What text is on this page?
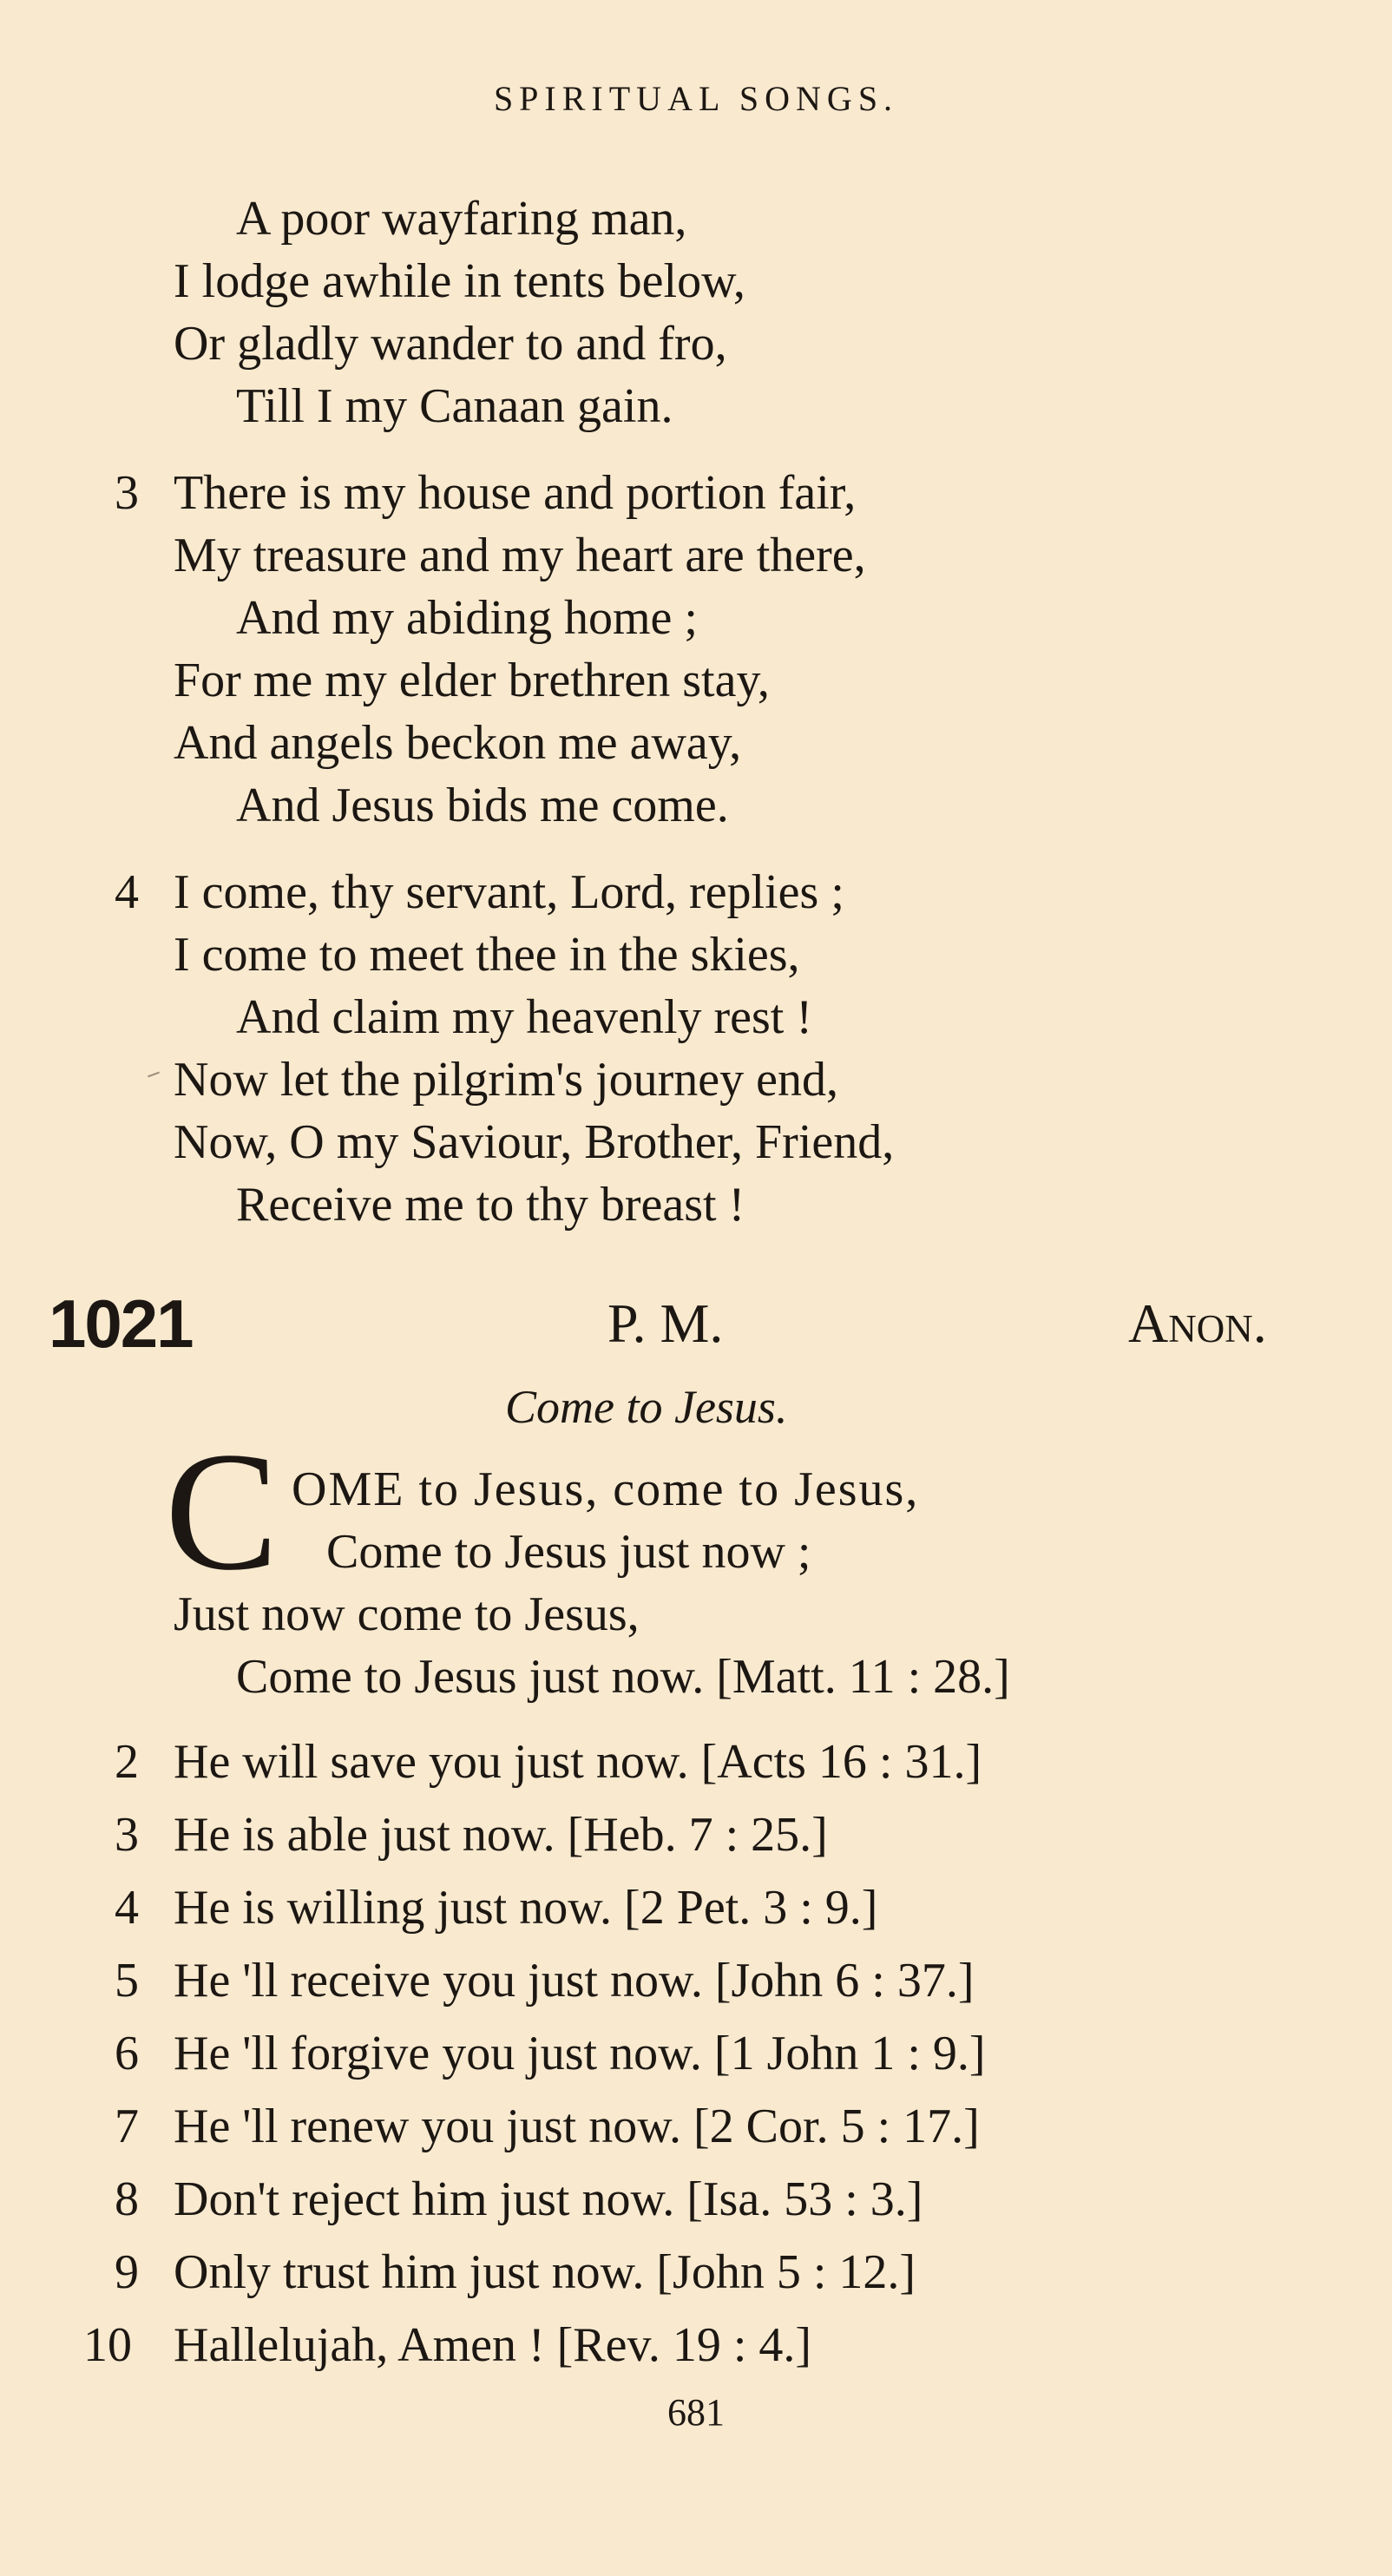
SPIRITUAL SONGS.
A poor wayfaring man,
I lodge awhile in tents below,
Or gladly wander to and fro,
Till I my Canaan gain.
3 There is my house and portion fair,
My treasure and my heart are there,
And my abiding home ;
For me my elder brethren stay,
And angels beckon me away,
And Jesus bids me come.
4 I come, thy servant, Lord, replies ;
I come to meet thee in the skies,
And claim my heavenly rest !
Now let the pilgrim's journey end,
Now, O my Saviour, Brother, Friend,
Receive me to thy breast !
1021	P. M.	Anon.
Come to Jesus.
C OME to Jesus, come to Jesus,
Come to Jesus just now ;
Just now come to Jesus,
Come to Jesus just now. [Matt. 11 : 28.]
2 He will save you just now. [Acts 16 : 31.]
3 He is able just now. [Heb. 7 : 25.]
4 He is willing just now. [2 Pet. 3 : 9.]
5 He 'll receive you just now. [John 6 : 37.]
6 He 'll forgive you just now. [1 John 1 : 9.]
7 He 'll renew you just now. [2 Cor. 5 : 17.]
8 Don't reject him just now. [Isa. 53 : 3.]
9 Only trust him just now. [John 5 : 12.]
10 Hallelujah, Amen ! [Rev. 19 : 4.]
681
